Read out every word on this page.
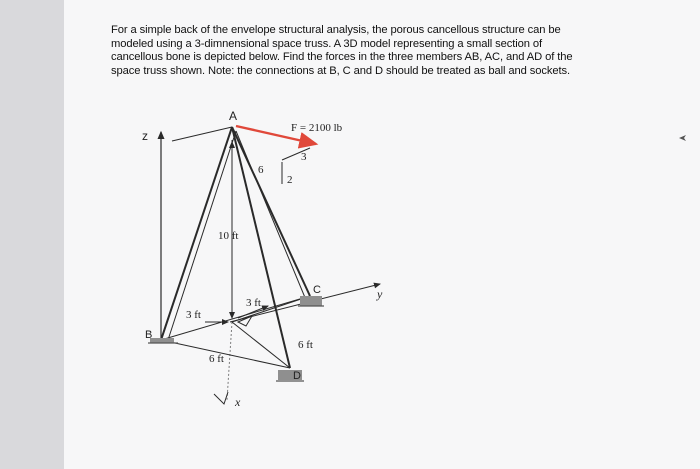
For a simple back of the envelope structural analysis, the porous cancellous structure can be

modeled using a 3-dimnensional space truss. A 3D model representing a small section of

cancellous bone is depicted below. Find the forces in the three members AB, AC, and AD of the

space truss shown. Note: the connections at B, C and D should be treated as ball and sockets.

z
y
x
10 ft
3 ft
3 ft
6 ft
6 ft
F = 2100 lb
6
3
2
A
B
C
D
